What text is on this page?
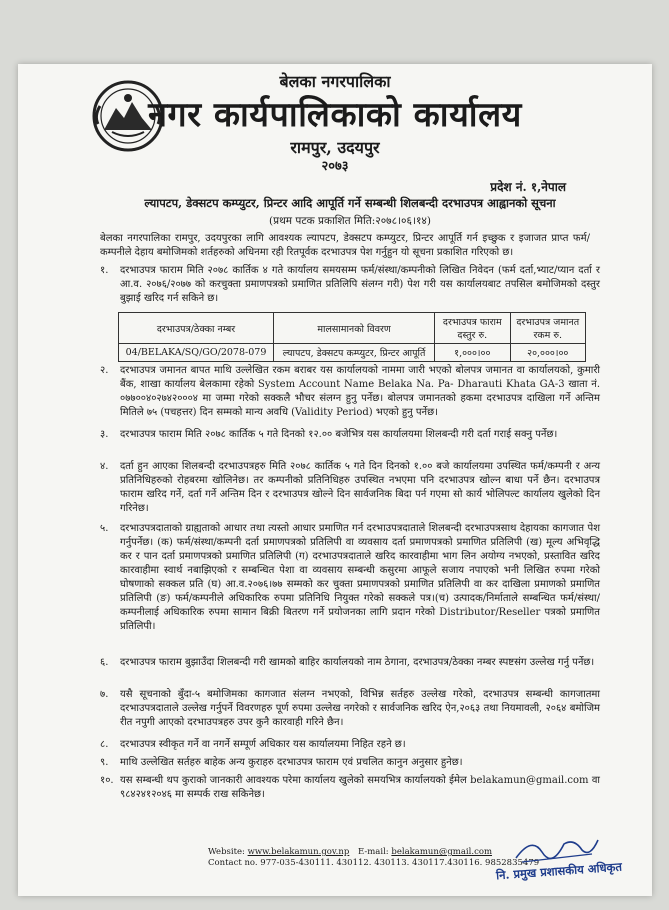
बेलका नगरपालिका
नगर कार्यपालिकाको कार्यालय
रामपुर, उदयपुर
२०७३
प्रदेश नं. १,नेपाल
ल्यापटप, डेक्सटप कम्प्युटर, प्रिन्टर आदि आपूर्ति गर्ने सम्बन्धी शिलबन्दी दरभाउपत्र आह्वानको सूचना
(प्रथम पटक प्रकाशित मिति:२०७८।०६।१४)
बेलका नगरपालिका रामपुर, उदयपुरका लागि आवश्यक ल्यापटप, डेक्सटप कम्प्युटर, प्रिन्टर आपूर्ति गर्न इच्छुक र इजाजत प्राप्त फर्म/कम्पनीले देहाय बमोजिमको शर्तहरुको अधिनमा रही रितपूर्वक दरभाउपत्र पेश गर्नुहुन यो सूचना प्रकाशित गरिएको छ।
१.	दरभाउपत्र फाराम मिति २०७८ कार्तिक ४ गते कार्यालय समयसम्म फर्म/संस्था/कम्पनीको लिखित निवेदन (फर्म दर्ता,भ्याट/प्यान दर्ता र आ.व. २०७६/२०७७ को करचुक्ता प्रमाणपत्रको प्रमाणित प्रतिलिपि संलग्न गरी) पेश गरी यस कार्यालयबाट तपसिल बमोजिमको दस्तुर बुझाई खरिद गर्न सकिने छ।
दरभाउपत्र/ठेक्का नम्बर	मालसामानको विवरण	दरभाउपत्र फाराम दस्तुर रु.	दरभाउपत्र जमानत रकम रु.
04/BELAKA/SQ/GO/2078-079	ल्यापटप, डेक्सटप कम्प्युटर, प्रिन्टर आपूर्ति	१,०००।००	२०,०००।००
२.	दरभाउपत्र जमानत बापत माथि उल्लेखित रकम बराबर यस कार्यालयको नाममा जारी भएको बोलपत्र जमानत वा कार्यालयको, कुमारी बैंक, शाखा कार्यालय बेलकामा रहेको System Account Name Belaka Na. Pa- Dharauti Khata GA-3 खाता नं. ०७७००४०२७४२०००४ मा जम्मा गरेको सक्कलै भौचर संलग्न हुनु पर्नेछ। बोलपत्र जमानतको हकमा दरभाउपत्र दाखिला गर्ने अन्तिम मितिले ७५ (पचहत्तर) दिन सम्मको मान्य अवधि (Validity Period) भएको हुनु पर्नेछ।
३.	दरभाउपत्र फाराम मिति २०७८ कार्तिक ५ गते दिनको १२.०० बजेभित्र यस कार्यालयमा शिलबन्दी गरी दर्ता गराई सक्नु पर्नेछ।
४.	दर्ता हुन आएका शिलबन्दी दरभाउपत्रहरु मिति २०७८ कार्तिक ५ गते दिन दिनको १.०० बजे कार्यालयमा उपस्थित फर्म/कम्पनी र अन्य प्रतिनिधिहरुको रोहबरमा खोलिनेछ। तर कम्पनीको प्रतिनिधिहरु उपस्थित नभएमा पनि दरभाउपत्र खोल्न बाधा पर्ने छैन। दरभाउपत्र फाराम खरिद गर्ने, दर्ता गर्ने अन्तिम दिन र दरभाउपत्र खोल्ने दिन सार्वजनिक बिदा पर्न गएमा सो कार्य भोलिपल्ट कार्यालय खुलेको दिन गरिनेछ।
५.	दरभाउपत्रदाताको ग्राह्यताको आधार तथा त्यस्तो आधार प्रमाणित गर्न दरभाउपत्रदाताले शिलबन्दी दरभाउपत्रसाथ देहायका कागजात पेश गर्नुपर्नेछ। (क) फर्म/संस्था/कम्पनी दर्ता प्रमाणपत्रको प्रतिलिपी वा व्यवसाय दर्ता प्रमाणपत्रको प्रमाणित प्रतिलिपी (ख) मूल्य अभिवृद्धि कर र पान दर्ता प्रमाणपत्रको प्रमाणित प्रतिलिपी (ग) दरभाउपत्रदाताले खरिद कारवाहीमा भाग लिन अयोग्य नभएको, प्रस्तावित खरिद कारवाहीमा स्वार्थ नबाझिएको र सम्बन्धित पेशा वा व्यवसाय सम्बन्धी कसुरमा आफूले सजाय नपाएको भनी लिखित रुपमा गरेको घोषणाको सक्कल प्रति (घ) आ.व.२०७६।७७ सम्मको कर चुक्ता प्रमाणपत्रको प्रमाणित प्रतिलिपी वा कर दाखिला प्रमाणको प्रमाणित प्रतिलिपी (ङ) फर्म/कम्पनीले अधिकारिक रुपमा प्रतिनिधि नियुक्त गरेको सक्कले पत्र।(च) उत्पादक/निर्माताले सम्बन्धित फर्म/संस्था/कम्पनीलाई अधिकारिक रुपमा सामान बिक्री बितरण गर्ने प्रयोजनका लागि प्रदान गरेको Distributor/Reseller पत्रको प्रमाणित प्रतिलिपी।
६.	दरभाउपत्र फाराम बुझाउँदा शिलबन्दी गरी खामको बाहिर कार्यालयको नाम ठेगाना, दरभाउपत्र/ठेक्का नम्बर स्पष्टसंग उल्लेख गर्नु पर्नेछ।
७.	यसै सूचनाको बुँदा-५ बमोजिमका कागजात संलग्न नभएको, विभिन्न सर्तहरु उल्लेख गरेको, दरभाउपत्र सम्बन्धी कागजातमा दरभाउपत्रदाताले उल्लेख गर्नुपर्ने विवरणहरु पूर्ण रुपमा उल्लेख नगरेको र सार्वजनिक खरिद ऐन,२०६३ तथा नियमावली, २०६४ बमोजिम रीत नपुगी आएको दरभाउपत्रहरु उपर कुनै कारवाही गरिने छैन।
८.	दरभाउपत्र स्वीकृत गर्ने वा नगर्ने सम्पूर्ण अधिकार यस कार्यालयमा निहित रहने छ।
९.	माथि उल्लेखित सर्तहरु बाहेक अन्य कुराहरु दरभाउपत्र फाराम एवं प्रचलित कानुन अनुसार हुनेछ।
१०. यस सम्बन्धी थप कुराको जानकारी आवश्यक परेमा कार्यालय खुलेको समयभित्र कार्यालयको ईमेल belakamun@gmail.com वा ९८४२४१२०४६ मा सम्पर्क राख सकिनेछ।
Website: www.belakamun.gov.np E-mail: belakamun@gmail.com
Contact no. 977-035-430111. 430112. 430113. 430117.430116. 9852835479
नि. प्रमुख प्रशासकीय अधिकृत
